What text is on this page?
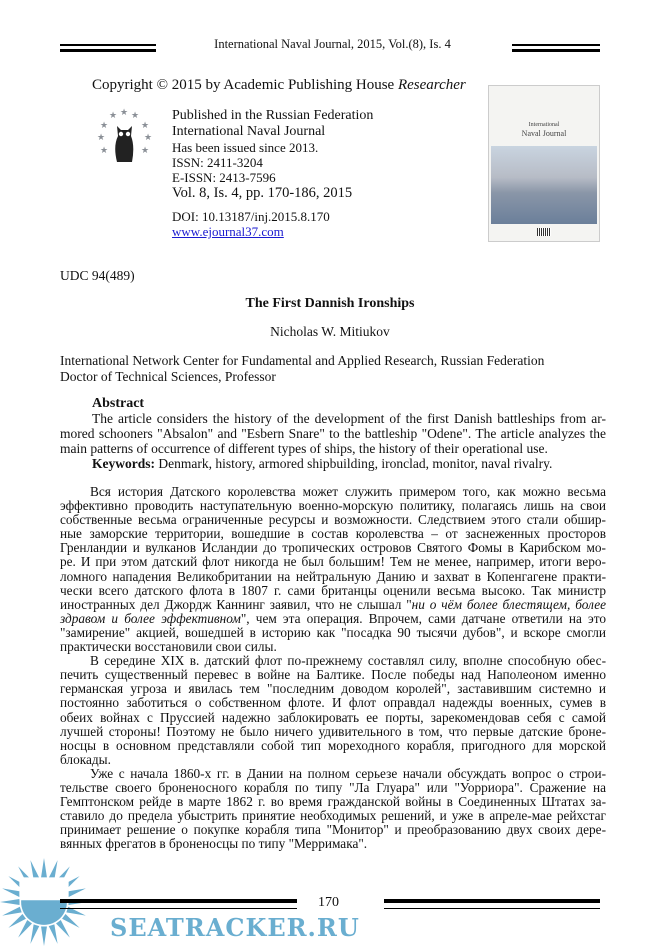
International Naval Journal, 2015, Vol.(8), Is. 4
Copyright © 2015 by Academic Publishing House Researcher
★ ★ ★
★	★
★	★
★	★
Published in the Russian Federation
International Naval Journal
Has been issued since 2013.
ISSN: 2411-3204
E-ISSN: 2413-7596
Vol. 8, Is. 4, pp. 170-186, 2015
DOI: 10.13187/inj.2015.8.170
www.ejournal37.com
International
Naval Journal
UDC 94(489)
The First Dannish Ironships
Nicholas W. Mitiukov
International Network Center for Fundamental and Applied Research, Russian Federation
Doctor of Technical Sciences, Professor
Abstract
The article considers the history of the development of the first Danish battleships from ar-
mored schooners "Absalon" and "Esbern Snare" to the battleship "Odene". The article analyzes the
main patterns of occurrence of different types of ships, the history of their operational use.
Keywords: Denmark, history, armored shipbuilding, ironclad, monitor, naval rivalry.
Вся история Датского королевства может служить примером того, как можно весьма
эффективно проводить наступательную военно-морскую политику, полагаясь лишь на свои
собственные весьма ограниченные ресурсы и возможности. Следствием этого стали обшир-
ные заморские территории, вошедшие в состав королевства – от заснеженных просторов
Гренландии и вулканов Исландии до тропических островов Святого Фомы в Карибском мо-
ре. И при этом датский флот никогда не был большим! Тем не менее, например, итоги веро-
ломного нападения Великобритании на нейтральную Данию и захват в Копенгагене практи-
чески всего датского флота в 1807 г. сами британцы оценили весьма высоко. Так министр
иностранных дел Джордж Каннинг заявил, что не слышал "ни о чём более блестящем, более
здравом и более эффективном", чем эта операция. Впрочем, сами датчане ответили на это
"замирение" акцией, вошедшей в историю как "посадка 90 тысячи дубов", и вскоре смогли
практически восстановили свои силы.
В середине XIX в. датский флот по-прежнему составлял силу, вполне способную обес-
печить существенный перевес в войне на Балтике. После победы над Наполеоном именно
германская угроза и явилась тем "последним доводом королей", заставившим системно и
постоянно заботиться о собственном флоте. И флот оправдал надежды военных, сумев в
обеих войнах с Пруссией надежно заблокировать ее порты, зарекомендовав себя с самой
лучшей стороны! Поэтому не было ничего удивительного в том, что первые датские броне-
носцы в основном представляли собой тип мореходного корабля, пригодного для морской
блокады.
Уже с начала 1860-х гг. в Дании на полном серьезе начали обсуждать вопрос о строи-
тельстве своего броненосного корабля по типу "Ла Глуара" или "Уорриора". Сражение на
Гемптонском рейде в марте 1862 г. во время гражданской войны в Соединенных Штатах за-
ставило до предела убыстрить принятие необходимых решений, и уже в апреле-мае рейхстаг
принимает решение о покупке корабля типа "Монитор" и преобразованию двух своих дере-
вянных фрегатов в броненосцы по типу "Мерримака".
170
SEATRACKER.RU
